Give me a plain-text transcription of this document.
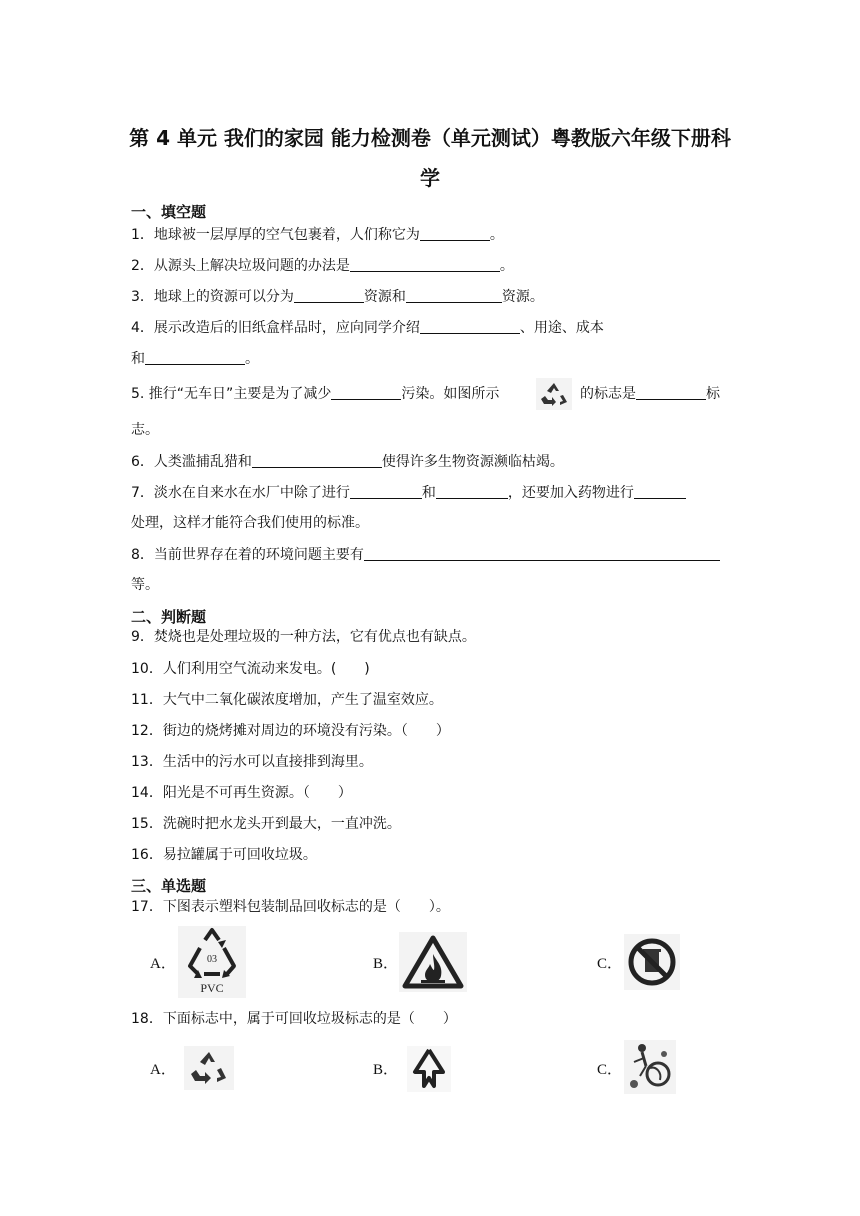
第 4 单元 我们的家园 能力检测卷（单元测试）粤教版六年级下册科
学
一、填空题
1．地球被一层厚厚的空气包裹着，人们称它为	。
2．从源头上解决垃圾问题的办法是	。
3．地球上的资源可以分为	资源和	资源。
4．展示改造后的旧纸盒样品时，应向同学介绍	、用途、成本
和	。
5. 推行“无车日”主要是为了减少	污染。如图所示	的标志是	标
志。
6．人类滥捕乱猎和	使得许多生物资源濒临枯竭。
7．淡水在自来水在水厂中除了进行	和	，还要加入药物进行
处理，这样才能符合我们使用的标准。
8．当前世界存在着的环境问题主要有
等。
二、判断题
9．焚烧也是处理垃圾的一种方法，它有优点也有缺点。
10．人们利用空气流动来发电。(　　)
11．大气中二氧化碳浓度增加，产生了温室效应。
12．街边的烧烤摊对周边的环境没有污染。（　　）
13．生活中的污水可以直接排到海里。
14．阳光是不可再生资源。（　　）
15．洗碗时把水龙头开到最大，一直冲洗。
16．易拉罐属于可回收垃圾。
三、单选题
17．下图表示塑料包装制品回收标志的是（　　）。
A．	03
PVC
B．	C．
18．下面标志中，属于可回收垃圾标志的是（　　）
A．	B．	C．
